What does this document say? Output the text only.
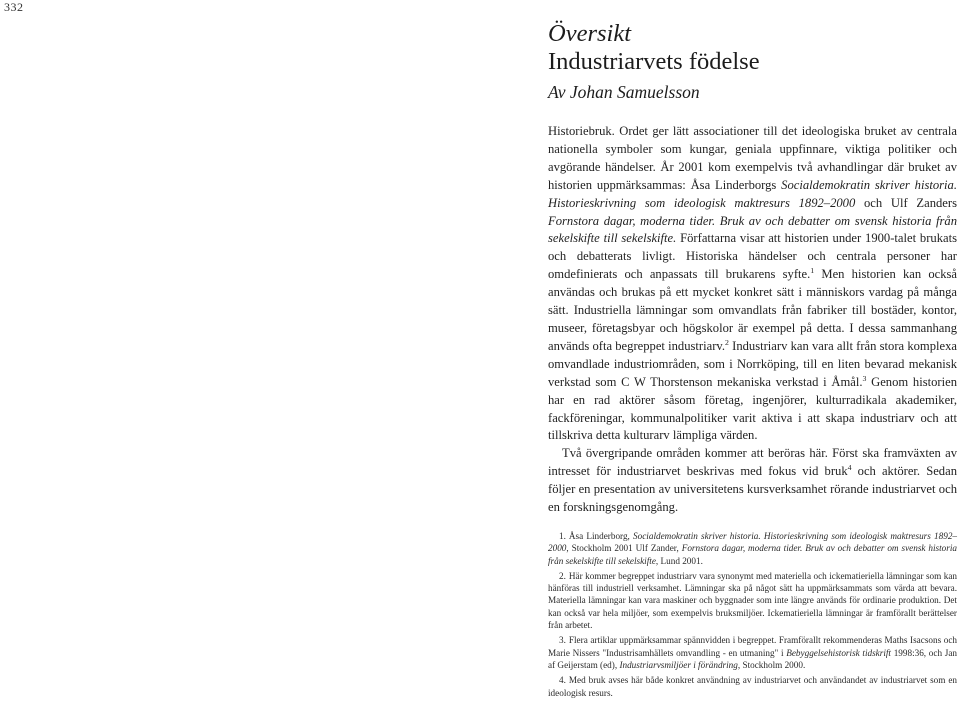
332
Översikt
Industriarvets födelse
Av Johan Samuelsson

Historiebruk. Ordet ger lätt associationer till det ideologiska bruket av centrala nationella symboler som kungar, geniala uppfinnare, viktiga politiker och avgörande händelser. År 2001 kom exempelvis två avhandlingar där bruket av historien uppmärksammas: Åsa Linderborgs Socialdemokratin skriver historia. Historieskrivning som ideologisk maktresurs 1892–2000 och Ulf Zanders Fornstora dagar, moderna tider. Bruk av och debatter om svensk historia från sekelskifte till sekelskifte. Författarna visar att historien under 1900-talet brukats och debatterats livligt. Historiska händelser och centrala personer har omdefinierats och anpassats till brukarens syfte.$^1$ Men historien kan också användas och brukas på ett mycket konkret sätt i människors vardag på många sätt. Industriella lämningar som omvandlats från fabriker till bostäder, kontor, museer, företagsbyar och högskolor är exempel på detta. I dessa sammanhang används ofta begreppet industriarv.$^2$ Industriarv kan vara allt från stora komplexa omvandlade industriområden, som i Norrköping, till en liten bevarad mekanisk verkstad som C W Thorstenson mekaniska verkstad i Åmål.$^3$ Genom historien har en rad aktörer såsom företag, ingenjörer, kulturradikala akademiker, fackföreningar, kommunalpolitiker varit aktiva i att skapa industriarv och att tillskriva detta kulturarv lämpliga värden.

Två övergripande områden kommer att beröras här. Först ska framväxten av intresset för industriarvet beskrivas med fokus vid bruk$^4$ och aktörer. Sedan följer en presentation av universitetens kursverksamhet rörande industriarvet och en forskningsgenomgång.

1. Åsa Linderborg, Socialdemokratin skriver historia. Historieskrivning som ideologisk maktresurs 1892–2000, Stockholm 2001 Ulf Zander, Fornstora dagar, moderna tider. Bruk av och debatter om svensk historia från sekelskifte till sekelskifte, Lund 2001.

2. Här kommer begreppet industriarv vara synonymt med materiella och ickematieriella lämningar som kan hänföras till industriell verksamhet. Lämningar ska på något sätt ha uppmärksammats som värda att bevara. Materiella lämningar kan vara maskiner och byggnader som inte längre används för ordinarie produktion. Det kan också var hela miljöer, som exempelvis bruksmiljöer. Ickematieriella lämningar är framförallt berättelser från arbetet.

3. Flera artiklar uppmärksammar spännvidden i begreppet. Framförallt rekommenderas Maths Isacsons och Marie Nissers "Industrisamhällets omvandling - en utmaning" i Bebyggelsehistorisk tidskrift 1998:36, och Jan af Geijerstam (ed), Industriarvsmiljöer i förändring, Stockholm 2000.

4. Med bruk avses här både konkret användning av industriarvet och användandet av industriarvet som en ideologisk resurs.
